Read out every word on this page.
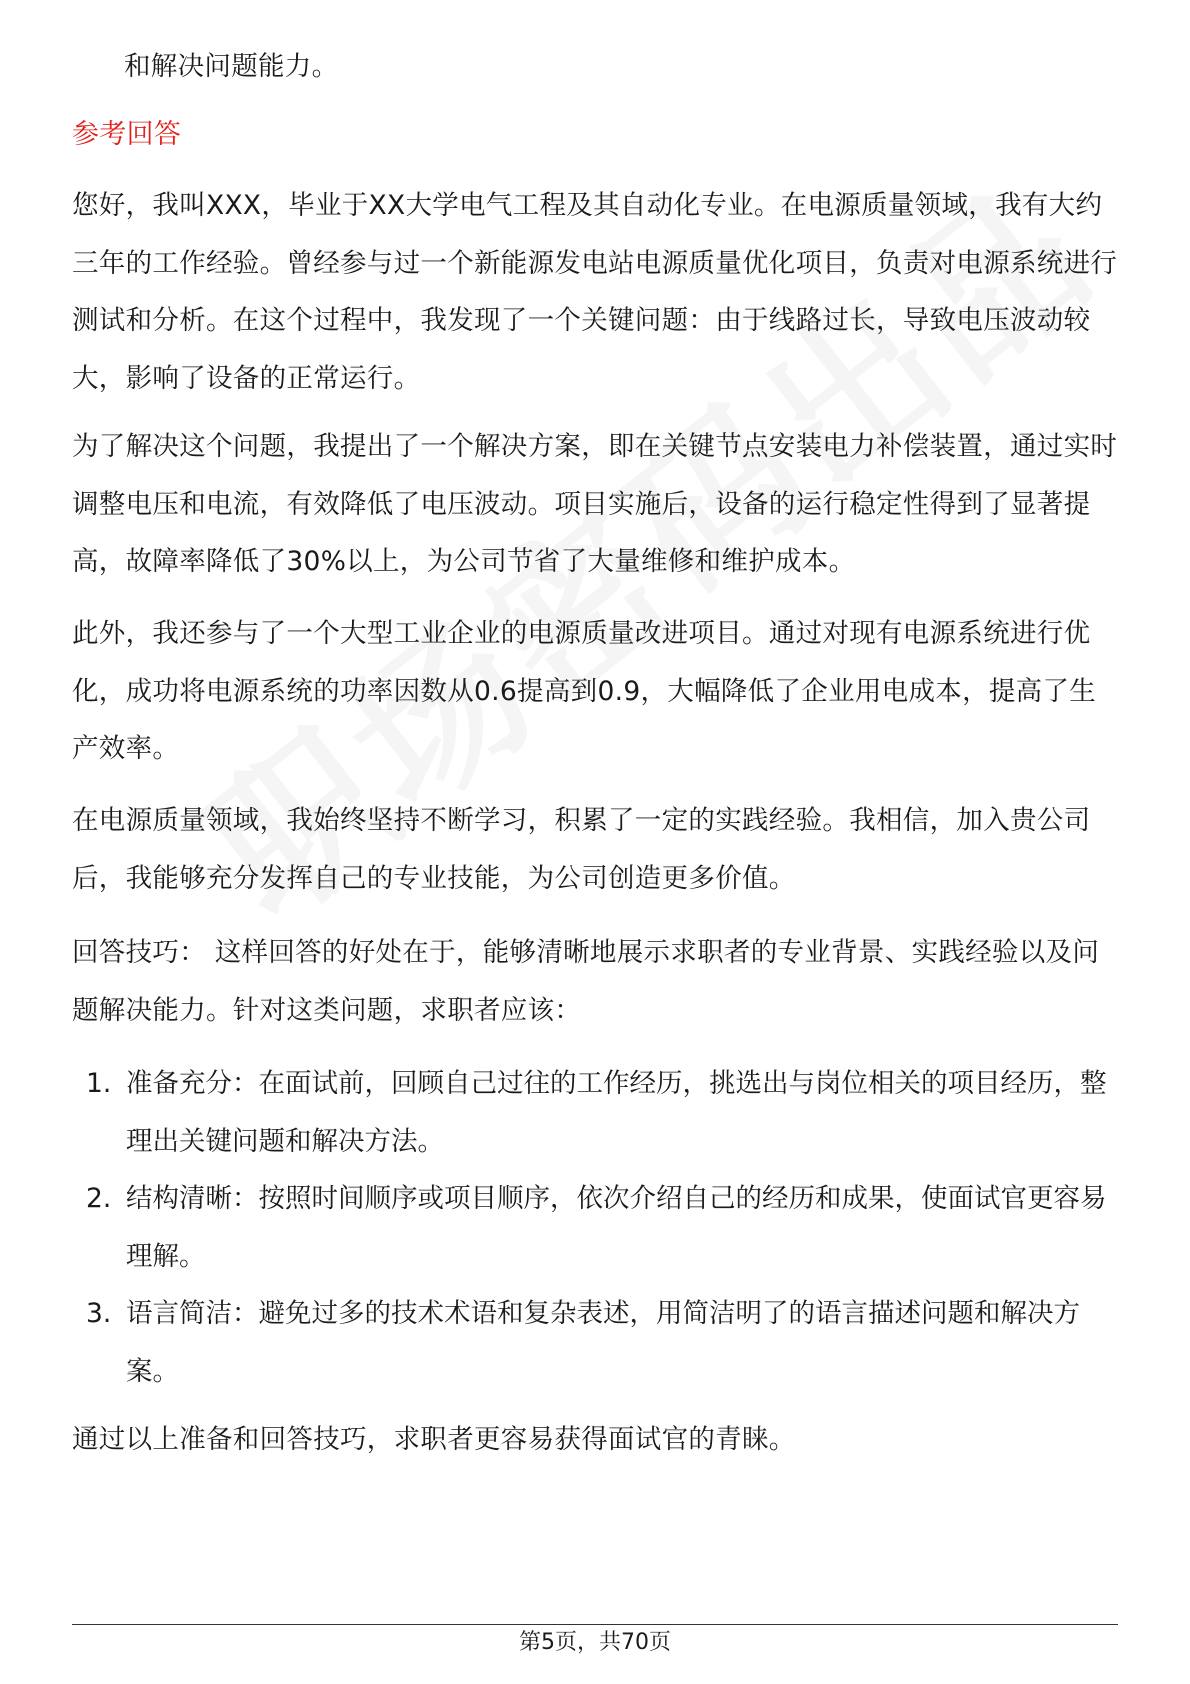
和解决问题能力。

参考回答

您好，我叫XXX，毕业于XX大学电气工程及其自动化专业。在电源质量领域，我有大约三年的工作经验。曾经参与过一个新能源发电站电源质量优化项目，负责对电源系统进行测试和分析。在这个过程中，我发现了一个关键问题：由于线路过长，导致电压波动较大，影响了设备的正常运行。

为了解决这个问题，我提出了一个解决方案，即在关键节点安装电力补偿装置，通过实时调整电压和电流，有效降低了电压波动。项目实施后，设备的运行稳定性得到了显著提高，故障率降低了30%以上，为公司节省了大量维修和维护成本。

此外，我还参与了一个大型工业企业的电源质量改进项目。通过对现有电源系统进行优化，成功将电源系统的功率因数从0.6提高到0.9，大幅降低了企业用电成本，提高了生产效率。

在电源质量领域，我始终坚持不断学习，积累了一定的实践经验。我相信，加入贵公司后，我能够充分发挥自己的专业技能，为公司创造更多价值。

回答技巧： 这样回答的好处在于，能够清晰地展示求职者的专业背景、实践经验以及问题解决能力。针对这类问题，求职者应该：

1. 准备充分：在面试前，回顾自己过往的工作经历，挑选出与岗位相关的项目经历，整理出关键问题和解决方法。
2. 结构清晰：按照时间顺序或项目顺序，依次介绍自己的经历和成果，使面试官更容易理解。
3. 语言简洁：避免过多的技术术语和复杂表述，用简洁明了的语言描述问题和解决方案。

通过以上准备和回答技巧，求职者更容易获得面试官的青睐。

第5页，共70页
